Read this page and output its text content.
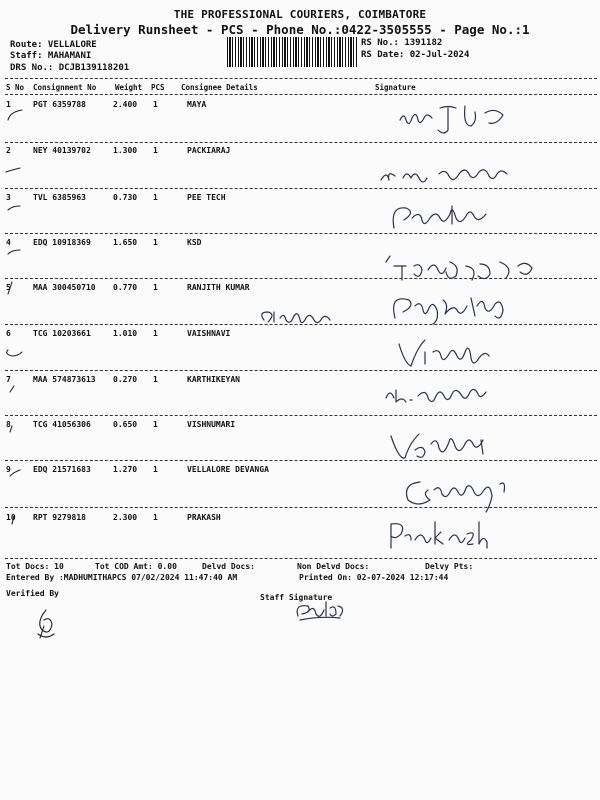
THE PROFESSIONAL COURIERS, COIMBATORE
Delivery Runsheet - PCS - Phone No.:0422-3505555 - Page No.:1
Route: VELLALORE
Staff: MAHAMANI
DRS No.: DCJB139118201
RS No.: 1391182
RS Date: 02-Jul-2024
S No Consignment No	Weight PCS Consignee Details	Signature
1	PGT 6359788	2.400 1	MAYA
2	NEY 40139702	1.300 1	PACKIARAJ
3	TVL 6385963	0.730 1	PEE TECH
4	EDQ 10918369	1.650 1	KSD
5	MAA 300450710 0.770 1	RANJITH KUMAR
6	TCG 10203661	1.010 1	VAISHNAVI
7	MAA 574873613 0.270 1	KARTHIKEYAN
8	TCG 41056306	0.650 1	VISHNUMARI
9	EDQ 21571683	1.270 1	VELLALORE DEVANGA
10 RPT 9279818	2.300 1	PRAKASH
Tot Docs: 10	Tot COD Amt: 0.00	Delvd Docs:	Non Delvd Docs:	Delvy Pts:
Entered By :MADHUMITHAPCS 07/02/2024 11:47:40 AM	Printed On: 02-07-2024 12:17:44
Verified By	Staff Signature
